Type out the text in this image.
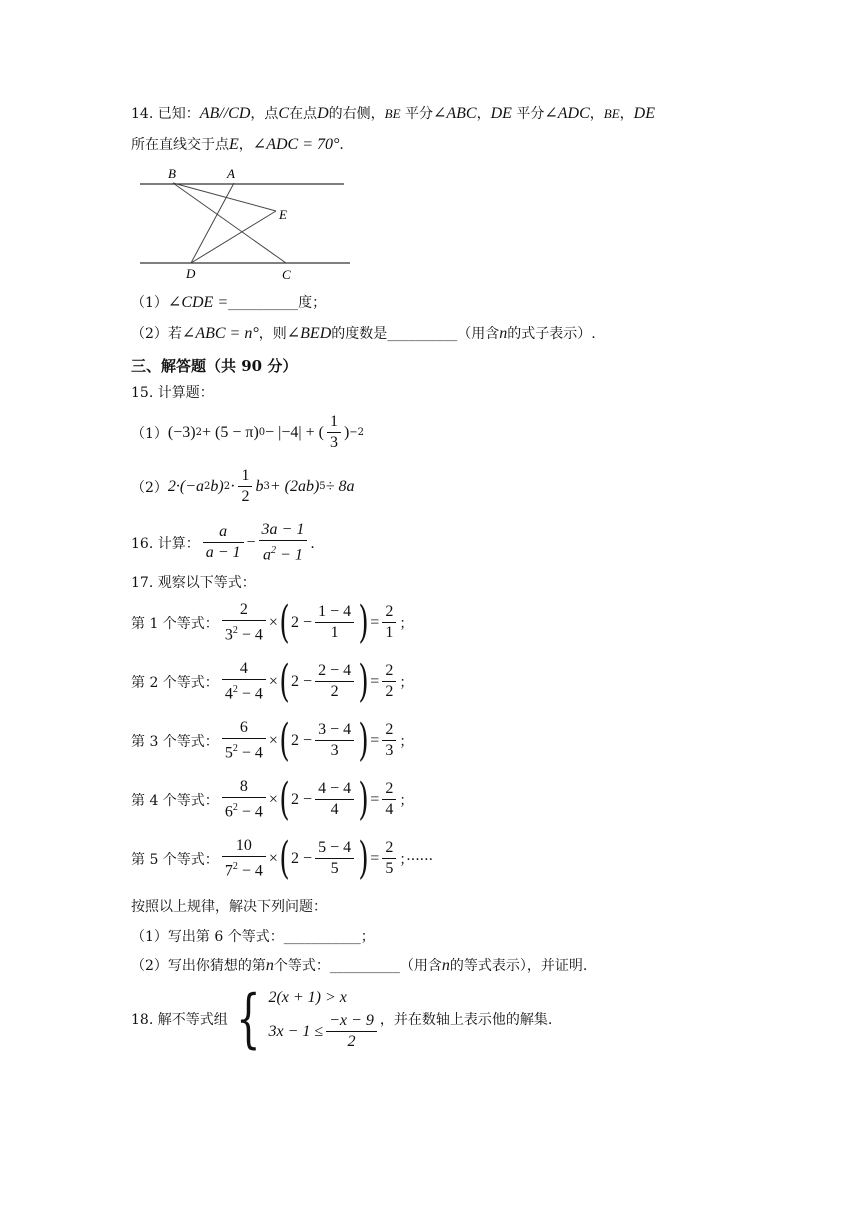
14. 已知：AB//CD，点C在点D的右侧，BE 平分∠ABC，DE 平分∠ADC，BE，DE
所在直线交于点E，∠ADC = 70°．
B	A
E
D	C
（1）∠CDE =__________度；
（2）若∠ABC = n°，则∠BED的度数是__________（用含n的式子表示）.
三、解答题（共 90 分）
15. 计算题：
（1） (−3) 2 + (5 − π) 0 − |−4| + ( $\frac{1}{3}$ ) −2
（2） 2·(−a 2 b) $2 \cdot \frac{1}{2}$ b 3 + (2ab) 5 ÷ 8a
16. 计算： $\frac{a}{a - 1} - \frac{3a - 1}{a^2 - 1}$ ．
17. 观察以下等式：
第 1 个等式： $\frac{2}{3^2 - 4}$ × ( $2 - \frac{1 - 4}{1}$ ) = $\frac{2}{1}$ ；
第 2 个等式： $\frac{4}{4^2 - 4}$ × ( $2 - \frac{2 - 4}{2}$ ) = $\frac{2}{2}$ ；
第 3 个等式： $\frac{6}{5^2 - 4}$ × ( $2 - \frac{3 - 4}{3}$ ) = $\frac{2}{3}$ ；
第 4 个等式： $\frac{8}{6^2 - 4}$ × ( $2 - \frac{4 - 4}{4}$ ) = $\frac{2}{4}$ ；
第 5 个等式： $\frac{10}{7^2 - 4}$ × ( $2 - \frac{5 - 4}{5}$ ) = $\frac{2}{5}$ ；······
按照以上规律，解决下列问题：
（1）写出第 6 个等式：___________；
（2）写出你猜想的第n个等式：__________（用含n的等式表示），并证明.
18. 解不等式组 { 2(x + 1) > x
$3x - 1 \le \frac{-x - 9}{2}$ ，并在数轴上表示他的解集.
